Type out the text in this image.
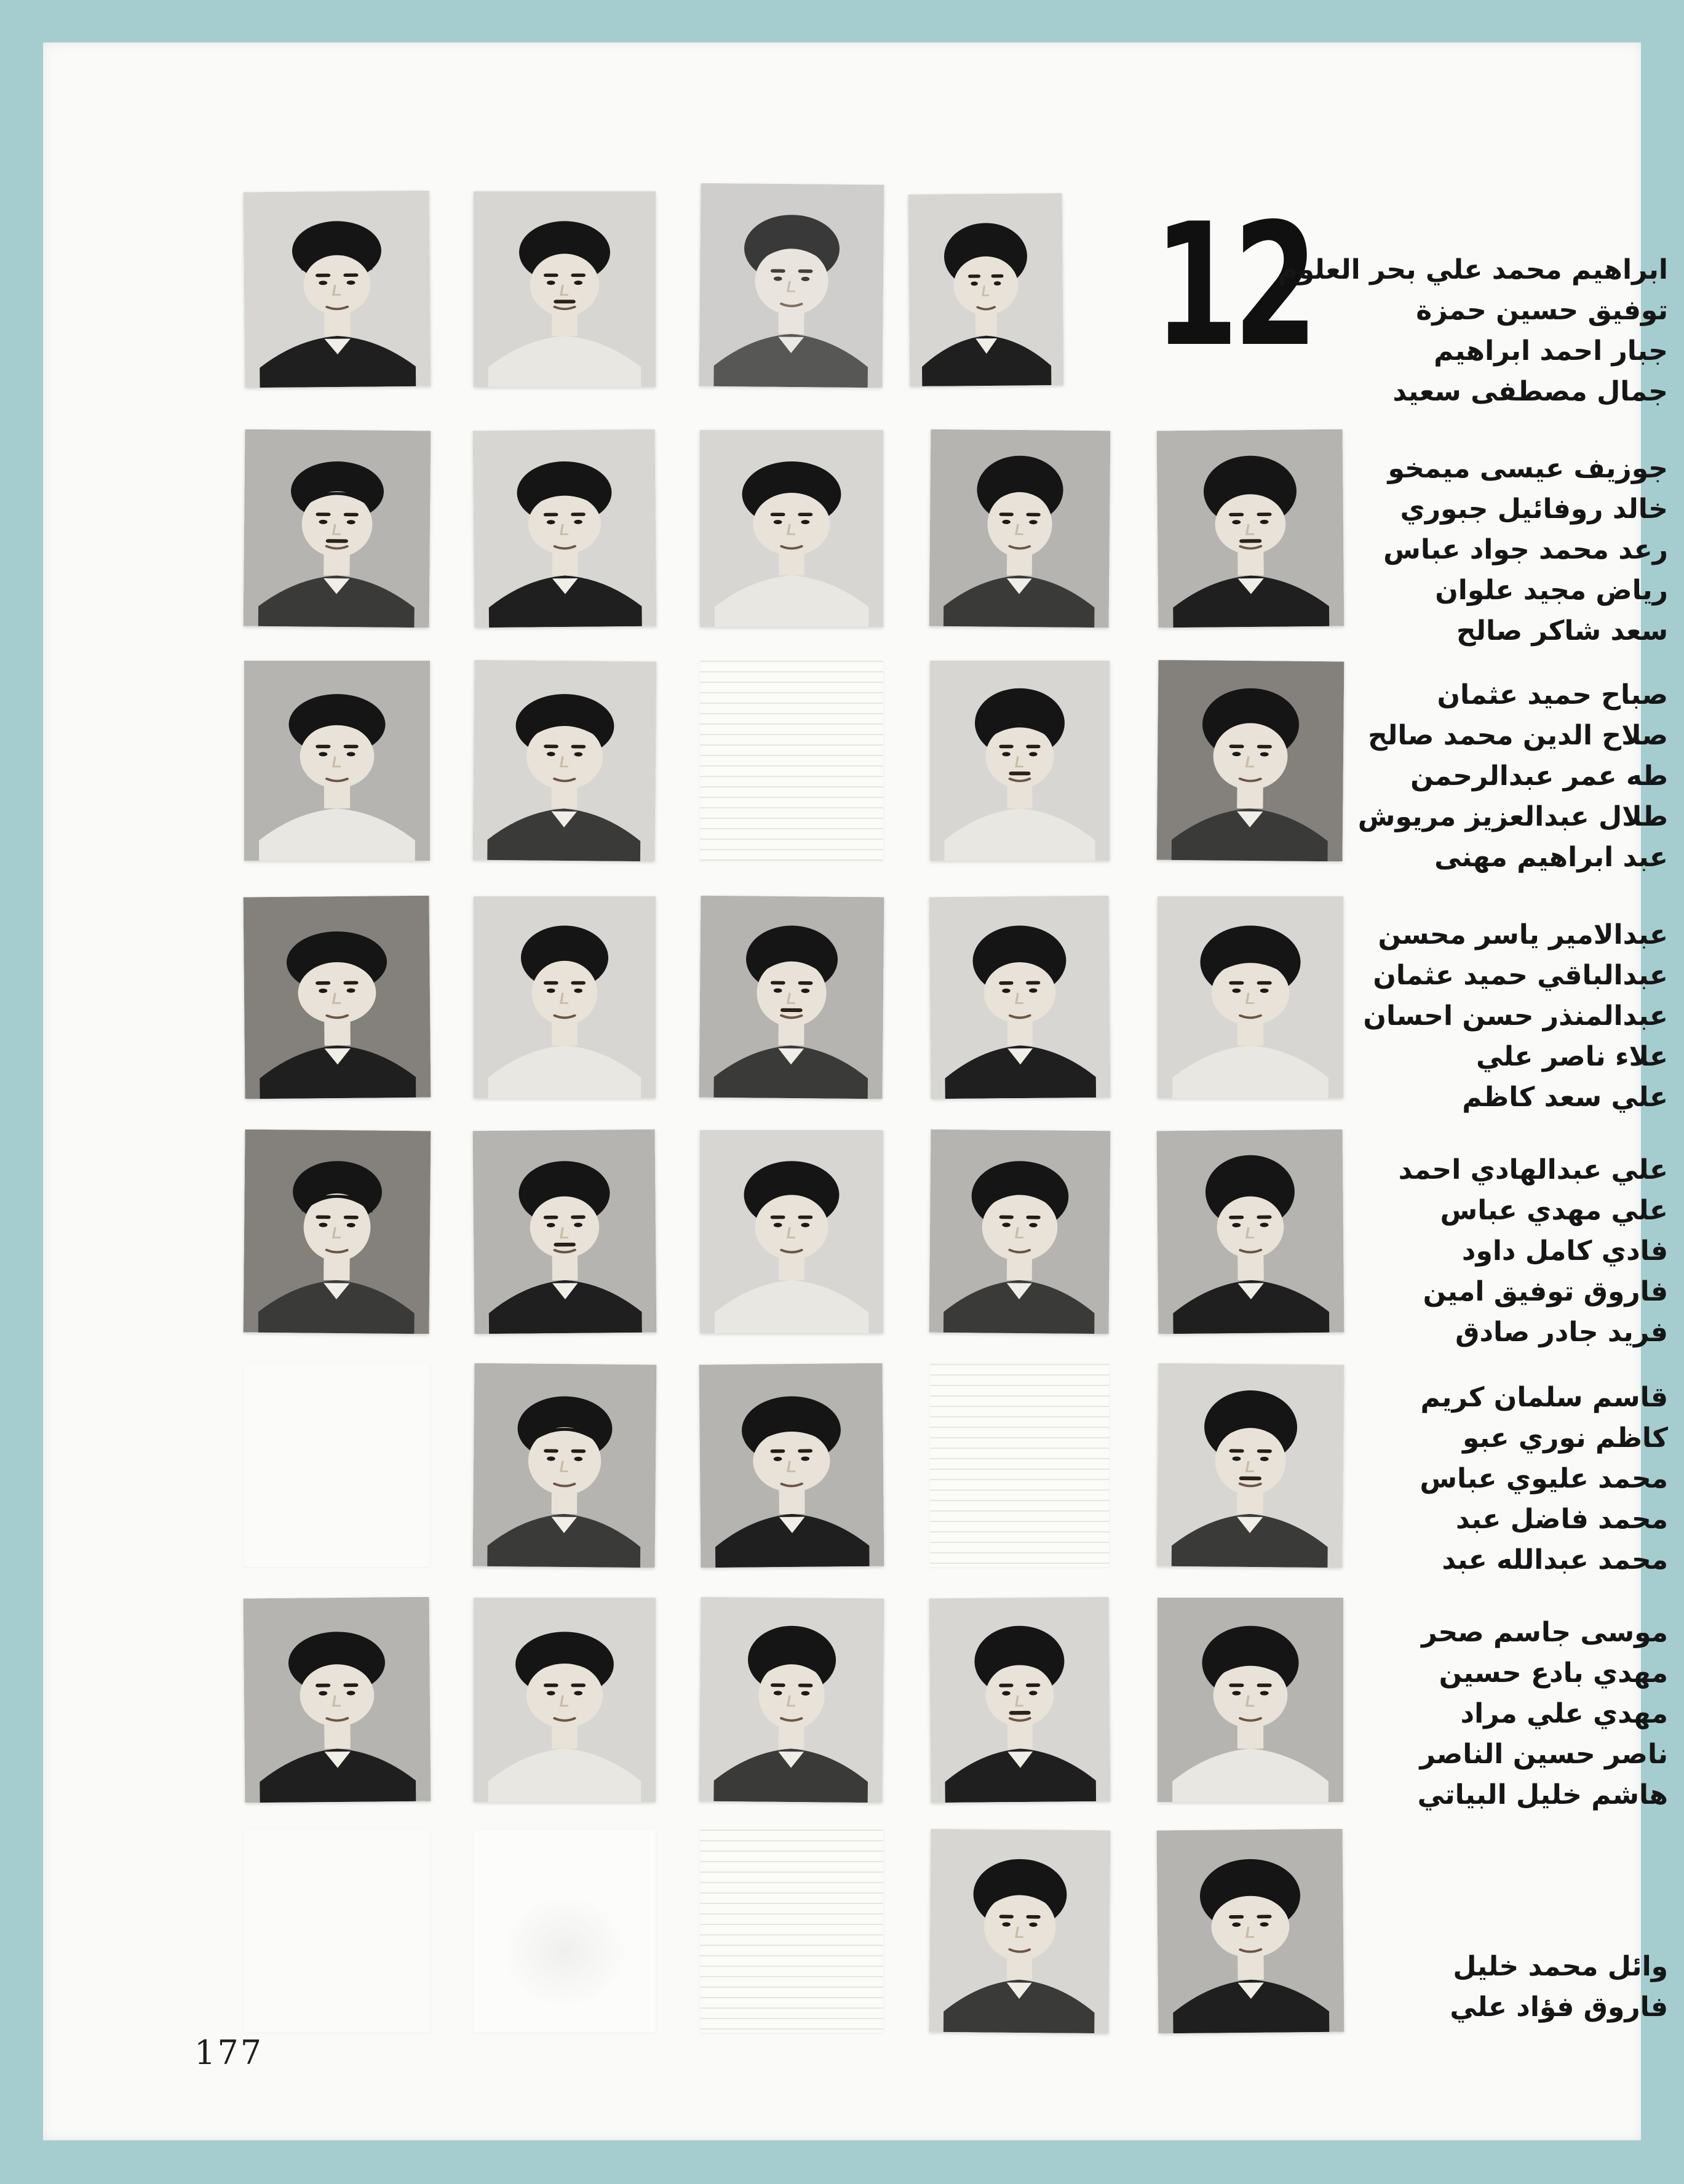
12
ابراهيم محمد علي بحر العلوم
توفيق حسين حمزة
جبار احمد ابراهيم
جمال مصطفى سعيد
جوزيف عيسى ميمخو
خالد روفائيل جبوري
رعد محمد جواد عباس
رياض مجيد علوان
سعد شاكر صالح
صباح حميد عثمان
صلاح الدين محمد صالح
طه عمر عبدالرحمن
طلال عبدالعزيز مريوش
عبد ابراهيم مهنى
عبدالامير ياسر محسن
عبدالباقي حميد عثمان
عبدالمنذر حسن احسان
علاء ناصر علي
علي سعد كاظم
علي عبدالهادي احمد
علي مهدي عباس
فادي كامل داود
فاروق توفيق امين
فريد جادر صادق
قاسم سلمان كريم
كاظم نوري عبو
محمد عليوي عباس
محمد فاضل عبد
محمد عبدالله عبد
موسى جاسم صحر
مهدي بادع حسين
مهدي علي مراد
ناصر حسين الناصر
هاشم خليل البياتي
وائل محمد خليل
فاروق فؤاد علي
177
